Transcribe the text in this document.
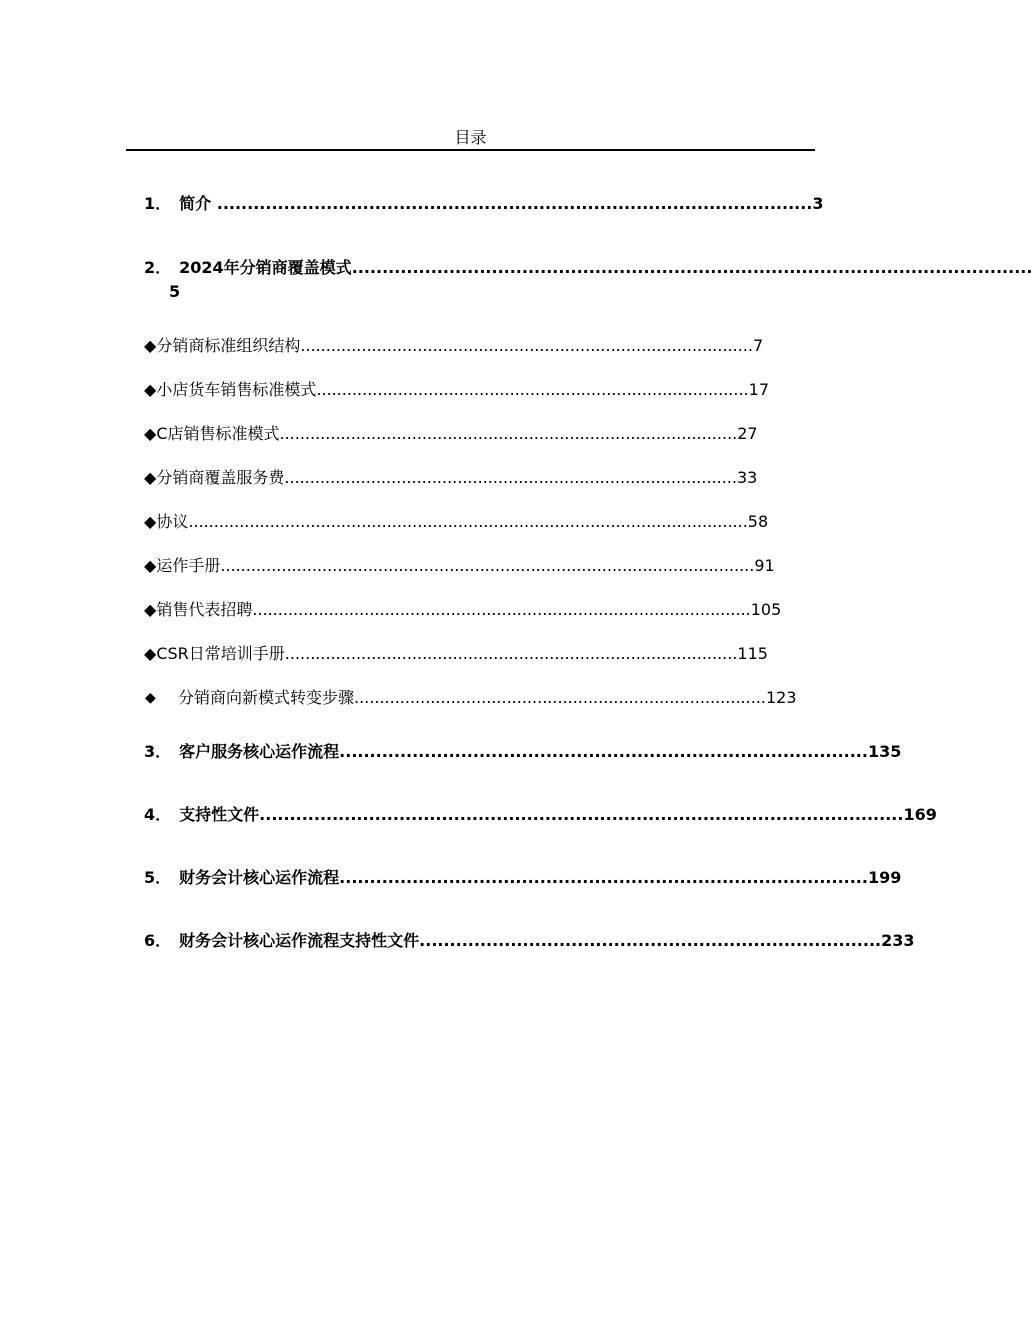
目录
1． 简介 ..................................................................................................3
2． 2024年分销商覆盖模式................................................................................................................
5
◆分销商标准组织结构.........................................................................................7
◆小店货车销售标准模式.....................................................................................17
◆C店销售标准模式..........................................................................................27
◆分销商覆盖服务费.........................................................................................33
◆协议..............................................................................................................58
◆运作手册.........................................................................................................91
◆销售代表招聘..................................................................................................105
◆CSR日常培训手册.........................................................................................115
◆ 分销商向新模式转变步骤.................................................................................123
3． 客户服务核心运作流程.......................................................................................135
4． 支持性文件..........................................................................................................169
5． 财务会计核心运作流程.......................................................................................199
6． 财务会计核心运作流程支持性文件............................................................................233
